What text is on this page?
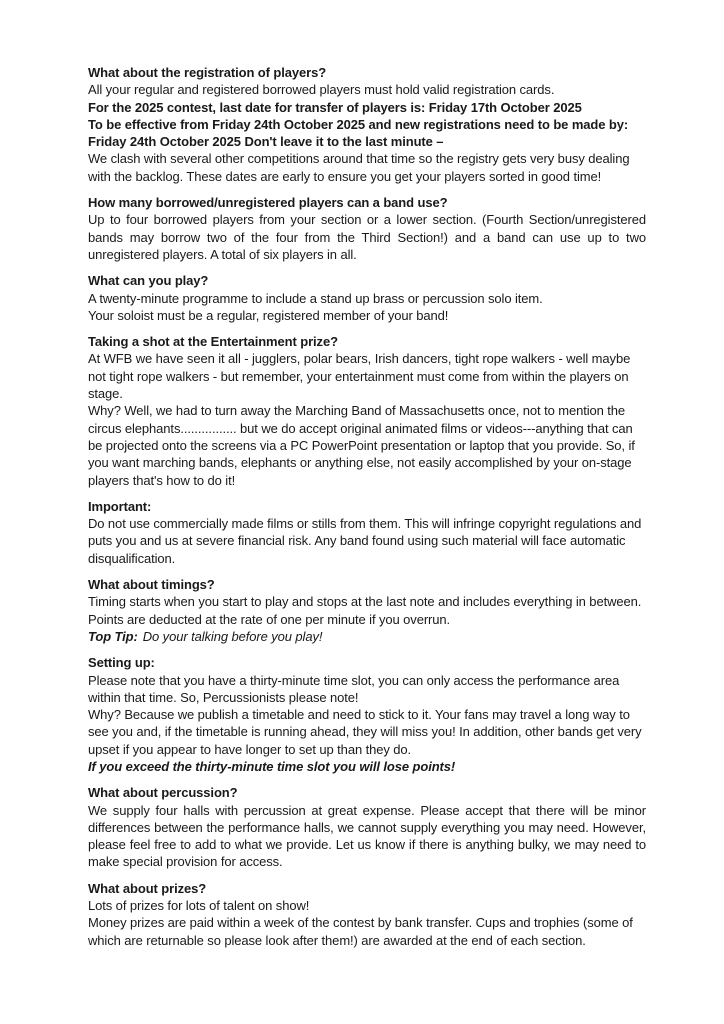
What about the registration of players?

All your regular and registered borrowed players must hold valid registration cards.

For the 2025 contest, last date for transfer of players is: Friday 17th October 2025

To be effective from Friday 24th October 2025 and new registrations need to be made by:

Friday 24th October 2025 Don't leave it to the last minute –

We clash with several other competitions around that time so the registry gets very busy dealing with the backlog. These dates are early to ensure you get your players sorted in good time!

How many borrowed/unregistered players can a band use?

Up to four borrowed players from your section or a lower section. (Fourth Section/unregistered bands may borrow two of the four from the Third Section!) and a band can use up to two unregistered players. A total of six players in all.

What can you play?

A twenty-minute programme to include a stand up brass or percussion solo item.

Your soloist must be a regular, registered member of your band!

Taking a shot at the Entertainment prize?

At WFB we have seen it all - jugglers, polar bears, Irish dancers, tight rope walkers - well maybe not tight rope walkers - but remember, your entertainment must come from within the players on stage.

Why? Well, we had to turn away the Marching Band of Massachusetts once, not to mention the circus elephants................ but we do accept original animated films or videos---anything that can be projected onto the screens via a PC PowerPoint presentation or laptop that you provide. So, if you want marching bands, elephants or anything else, not easily accomplished by your on-stage players that's how to do it!

Important:

Do not use commercially made films or stills from them. This will infringe copyright regulations and puts you and us at severe financial risk. Any band found using such material will face automatic disqualification.

What about timings?

Timing starts when you start to play and stops at the last note and includes everything in between. Points are deducted at the rate of one per minute if you overrun.

Top Tip: Do your talking before you play!

Setting up:

Please note that you have a thirty-minute time slot, you can only access the performance area within that time. So, Percussionists please note!

Why? Because we publish a timetable and need to stick to it. Your fans may travel a long way to see you and, if the timetable is running ahead, they will miss you! In addition, other bands get very upset if you appear to have longer to set up than they do.

If you exceed the thirty-minute time slot you will lose points!

What about percussion?

We supply four halls with percussion at great expense. Please accept that there will be minor differences between the performance halls, we cannot supply everything you may need. However, please feel free to add to what we provide. Let us know if there is anything bulky, we may need to make special provision for access.

What about prizes?

Lots of prizes for lots of talent on show!

Money prizes are paid within a week of the contest by bank transfer. Cups and trophies (some of which are returnable so please look after them!) are awarded at the end of each section.
